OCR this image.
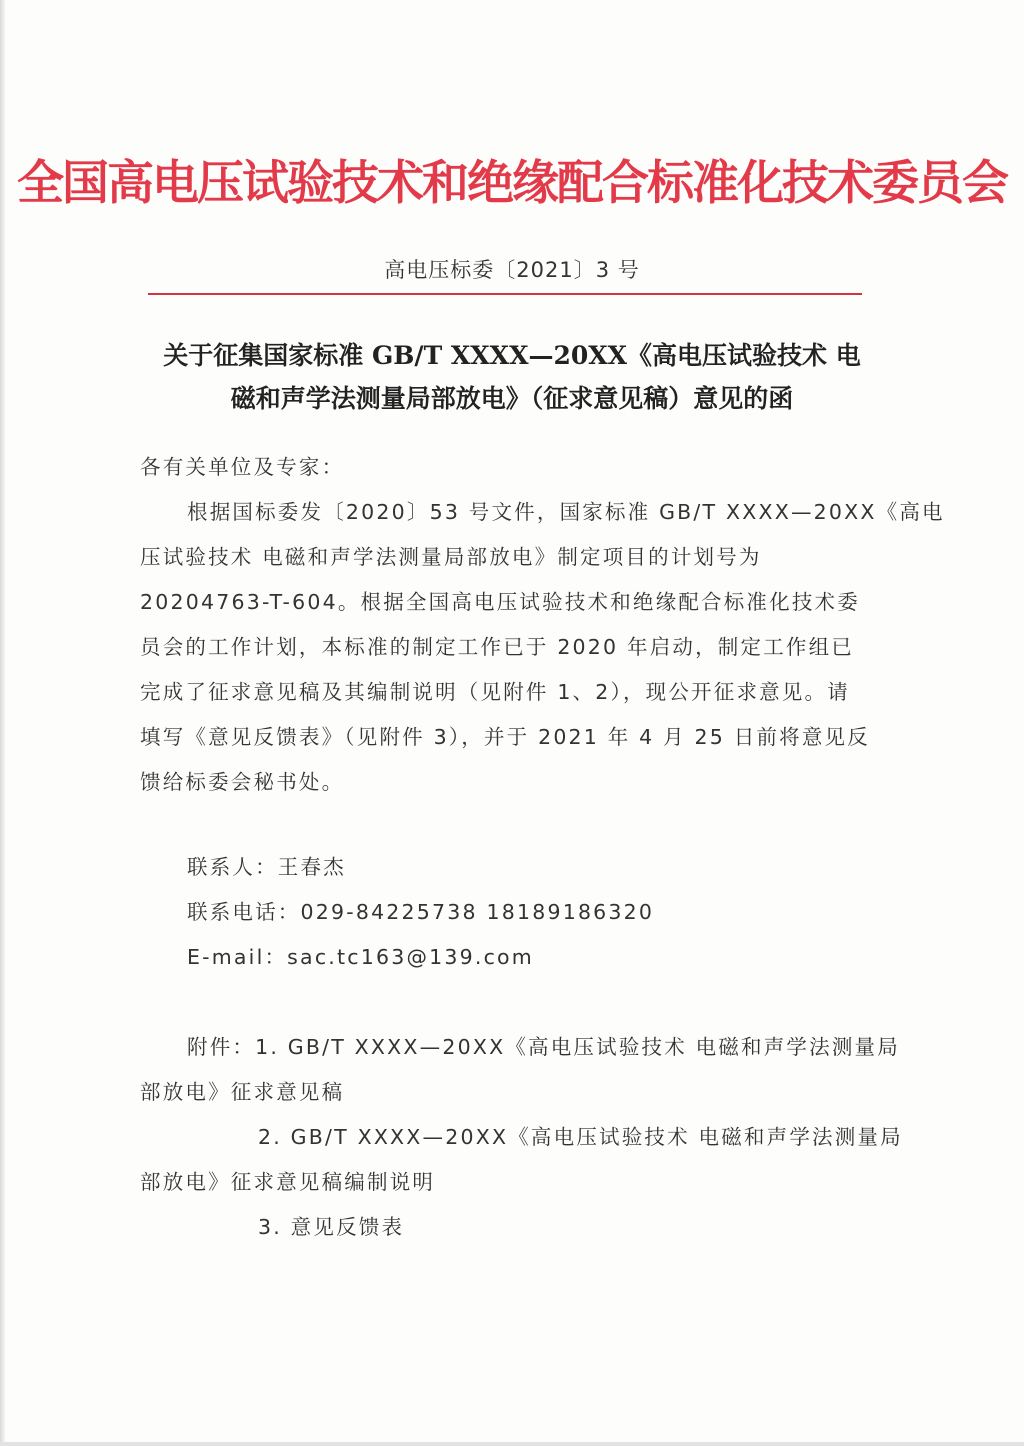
全国高电压试验技术和绝缘配合标准化技术委员会
高电压标委〔2021〕3 号
关于征集国家标准 GB/T XXXX—20XX《高电压试验技术 电
磁和声学法测量局部放电》（征求意见稿）意见的函
各有关单位及专家：
根据国标委发〔2020〕53 号文件，国家标准 GB/T XXXX—20XX《高电
压试验技术 电磁和声学法测量局部放电》制定项目的计划号为
20204763-T-604。根据全国高电压试验技术和绝缘配合标准化技术委
员会的工作计划，本标准的制定工作已于 2020 年启动，制定工作组已
完成了征求意见稿及其编制说明（见附件 1、2），现公开征求意见。请
填写《意见反馈表》（见附件 3），并于 2021 年 4 月 25 日前将意见反
馈给标委会秘书处。
联系人：王春杰
联系电话：029-84225738 18189186320
E-mail：sac.tc163@139.com
附件：1. GB/T XXXX—20XX《高电压试验技术 电磁和声学法测量局
部放电》征求意见稿
2. GB/T XXXX—20XX《高电压试验技术 电磁和声学法测量局
部放电》征求意见稿编制说明
3. 意见反馈表
